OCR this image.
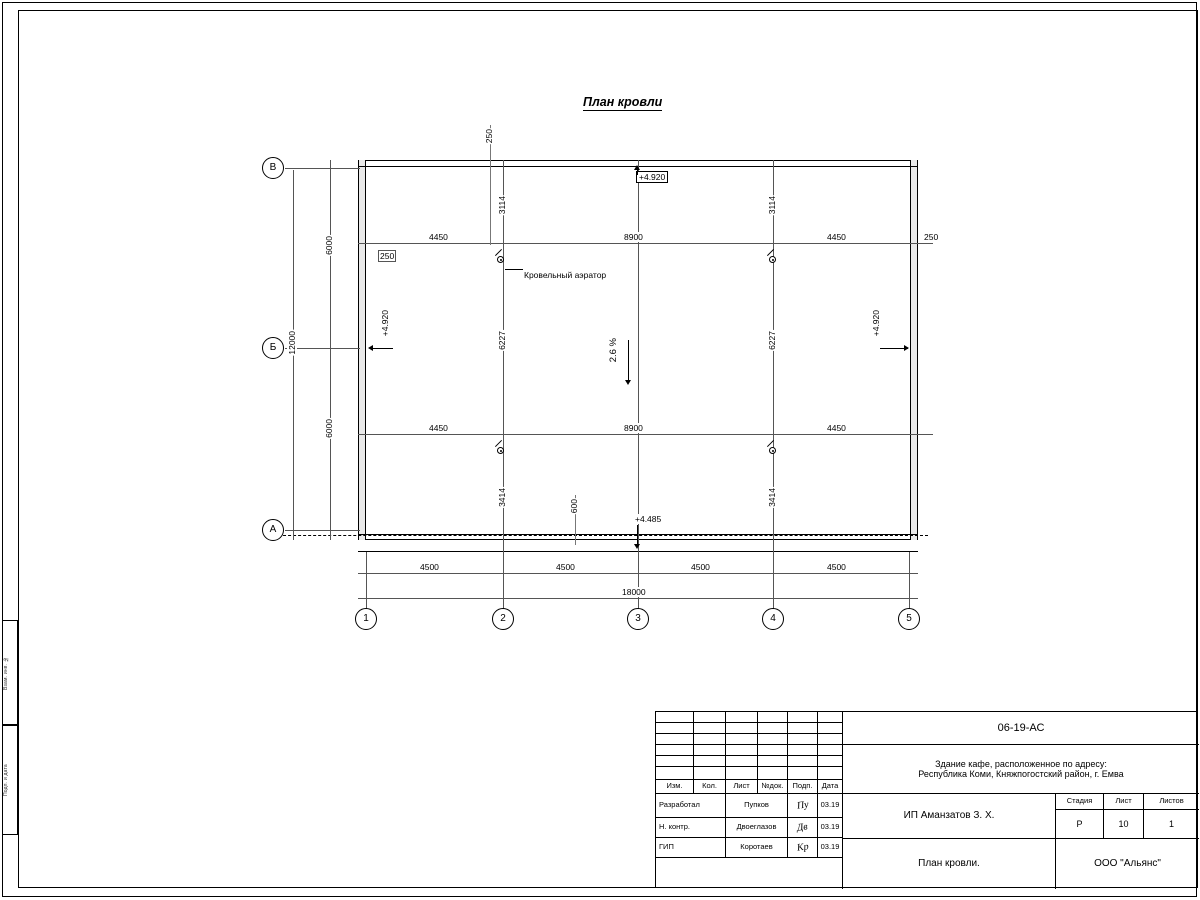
Взам. инв. №
Подп. и дата
План кровли
4450	8900	4450	250
250
4450	8900	4450
250
3114
6227
3414
3114
6227
3414
600
Кровельный аэратор
2.6 %
+4.920
+4.920	+4.920
+4.485
В
Б
А
6000
6000
12000
4500	4500	4500	4500
18000
1	2	3	4	5
Изм.	Кол.	Лист	№док.	Подп.	Дата
Разработал	Пупков	Пу	03.19
Н. контр.	Двоеглазов	Дв	03.19
ГИП	Коротаев	Кр	03.19
06-19-АС
Здание кафе, расположенное по адресу:
Республика Коми, Княжпогостский район, г. Емва
ИП Аманзатов З. Х.
План кровли.
Стадия	Лист	Листов
Р	10	1
ООО "Альянс"
